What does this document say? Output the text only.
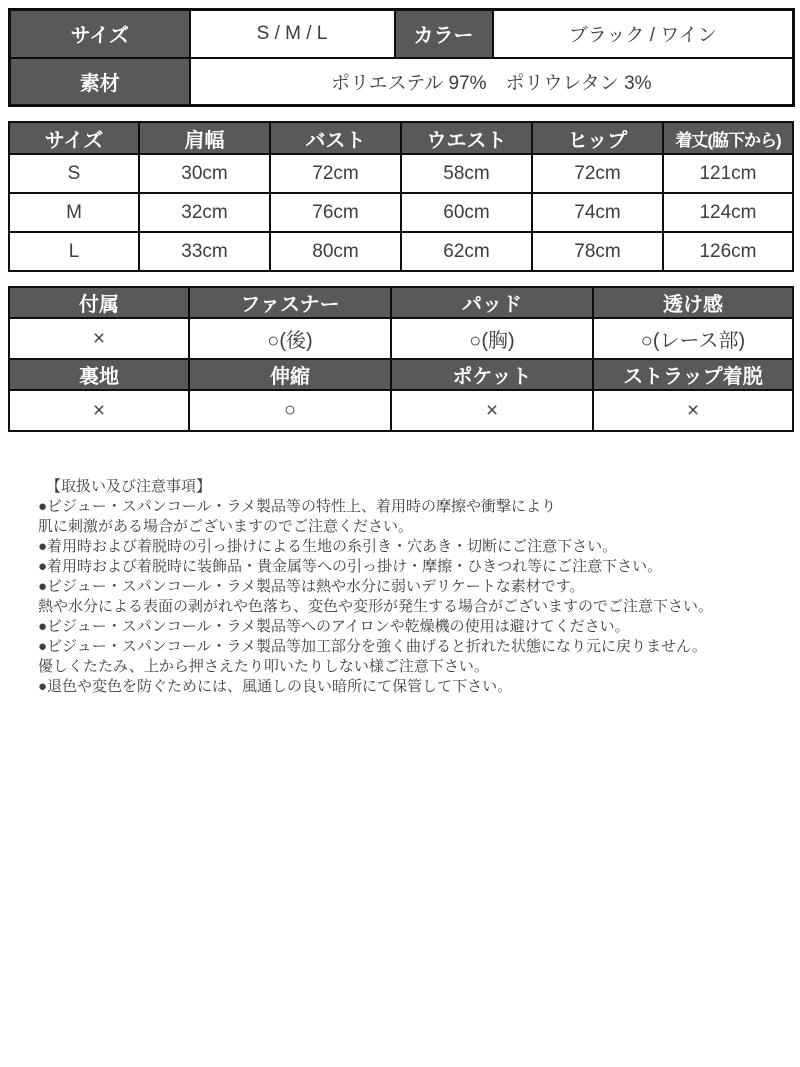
サイズ	S / M / L	カラー	ブラック / ワイン
素材	ポリエステル 97%　ポリウレタン 3%		
サイズ	肩幅	バスト	ウエスト	ヒップ	着丈(脇下から)
S	30cm	72cm	58cm	72cm	121cm
M	32cm	76cm	60cm	74cm	124cm
L	33cm	80cm	62cm	78cm	126cm
付属	ファスナー	パッド	透け感
×	○(後)	○(胸)	○(レース部)
裏地	伸縮	ポケット	ストラップ着脱
×	○	×	×
【取扱い及び注意事項】
●ビジュー・スパンコール・ラメ製品等の特性上、着用時の摩擦や衝撃により
肌に刺激がある場合がございますのでご注意ください。
●着用時および着脱時の引っ掛けによる生地の糸引き・穴あき・切断にご注意下さい。
●着用時および着脱時に装飾品・貴金属等への引っ掛け・摩擦・ひきつれ等にご注意下さい。
●ビジュー・スパンコール・ラメ製品等は熱や水分に弱いデリケートな素材です。
熱や水分による表面の剥がれや色落ち、変色や変形が発生する場合がございますのでご注意下さい。
●ビジュー・スパンコール・ラメ製品等へのアイロンや乾燥機の使用は避けてください。
●ビジュー・スパンコール・ラメ製品等加工部分を強く曲げると折れた状態になり元に戻りません。
優しくたたみ、上から押さえたり叩いたりしない様ご注意下さい。
●退色や変色を防ぐためには、風通しの良い暗所にて保管して下さい。
